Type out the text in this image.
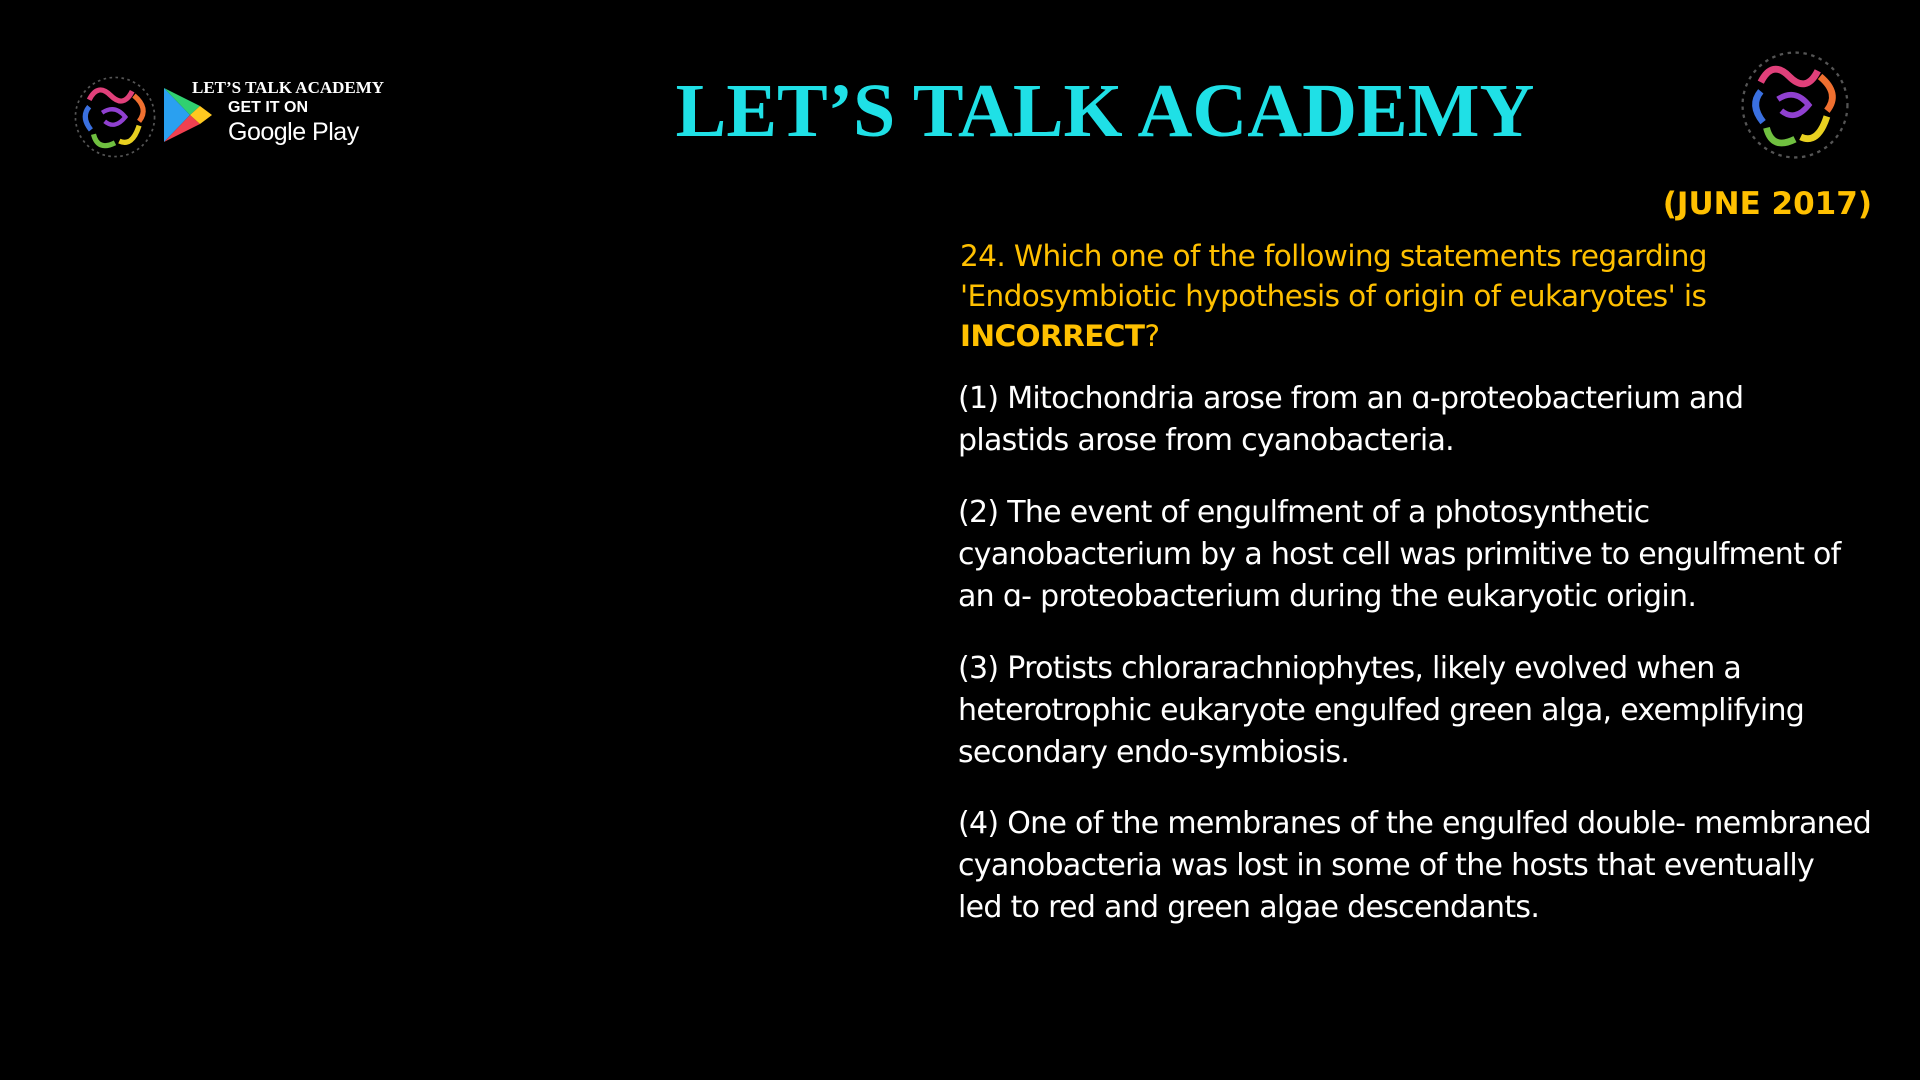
LET’S TALK ACADEMY
GET IT ON
Google Play	LET’S TALK ACADEMY
(JUNE 2017)
24. Which one of the following statements regarding
'Endosymbiotic hypothesis of origin of eukaryotes' is
INCORRECT?
(1) Mitochondria arose from an ɑ-proteobacterium and
plastids arose from cyanobacteria.
(2) The event of engulfment of a photosynthetic
cyanobacterium by a host cell was primitive to engulfment of
an ɑ- proteobacterium during the eukaryotic origin.
(3) Protists chlorarachniophytes, likely evolved when a
heterotrophic eukaryote engulfed green alga, exemplifying
secondary endo-symbiosis.
(4) One of the membranes of the engulfed double- membraned
cyanobacteria was lost in some of the hosts that eventually
led to red and green algae descendants.
